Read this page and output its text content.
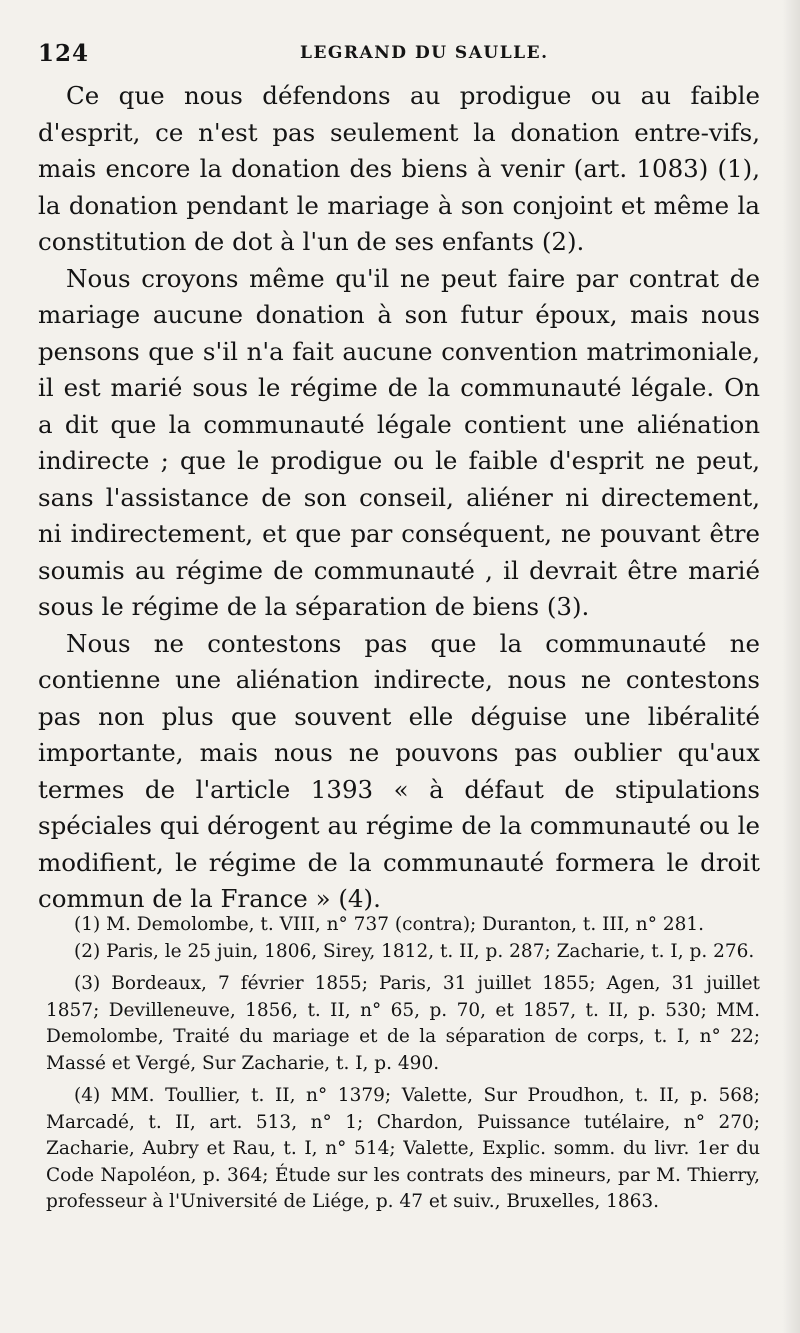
124	LEGRAND DU SAULLE.

Ce que nous défendons au prodigue ou au faible d'esprit, ce n'est pas seulement la donation entre-vifs, mais encore la donation des biens à venir (art. 1083) (1), la donation pendant le mariage à son conjoint et même la constitution de dot à l'un de ses enfants (2).

Nous croyons même qu'il ne peut faire par contrat de mariage aucune donation à son futur époux, mais nous pensons que s'il n'a fait aucune convention matrimoniale, il est marié sous le régime de la communauté légale. On a dit que la communauté légale contient une aliénation indirecte ; que le prodigue ou le faible d'esprit ne peut, sans l'assistance de son conseil, aliéner ni directement, ni indirectement, et que par conséquent, ne pouvant être soumis au régime de communauté , il devrait être marié sous le régime de la séparation de biens (3).

Nous ne contestons pas que la communauté ne contienne une aliénation indirecte, nous ne contestons pas non plus que souvent elle déguise une libéralité importante, mais nous ne pouvons pas oublier qu'aux termes de l'article 1393 « à défaut de stipulations spéciales qui dérogent au régime de la communauté ou le modifient, le régime de la communauté formera le droit commun de la France » (4).

(1) M. Demolombe, t. VIII, n° 737 (contra); Duranton, t. III, n° 281.

(2) Paris, le 25 juin, 1806, Sirey, 1812, t. II, p. 287; Zacharie, t. I, p. 276.

(3) Bordeaux, 7 février 1855; Paris, 31 juillet 1855; Agen, 31 juillet 1857; Devilleneuve, 1856, t. II, n° 65, p. 70, et 1857, t. II, p. 530; MM. Demolombe, Traité du mariage et de la séparation de corps, t. I, n° 22; Massé et Vergé, Sur Zacharie, t. I, p. 490.

(4) MM. Toullier, t. II, n° 1379; Valette, Sur Proudhon, t. II, p. 568; Marcadé, t. II, art. 513, n° 1; Chardon, Puissance tutélaire, n° 270; Zacharie, Aubry et Rau, t. I, n° 514; Valette, Explic. somm. du livr. 1er du Code Napoléon, p. 364; Étude sur les contrats des mineurs, par M. Thierry, professeur à l'Université de Liége, p. 47 et suiv., Bruxelles, 1863.
